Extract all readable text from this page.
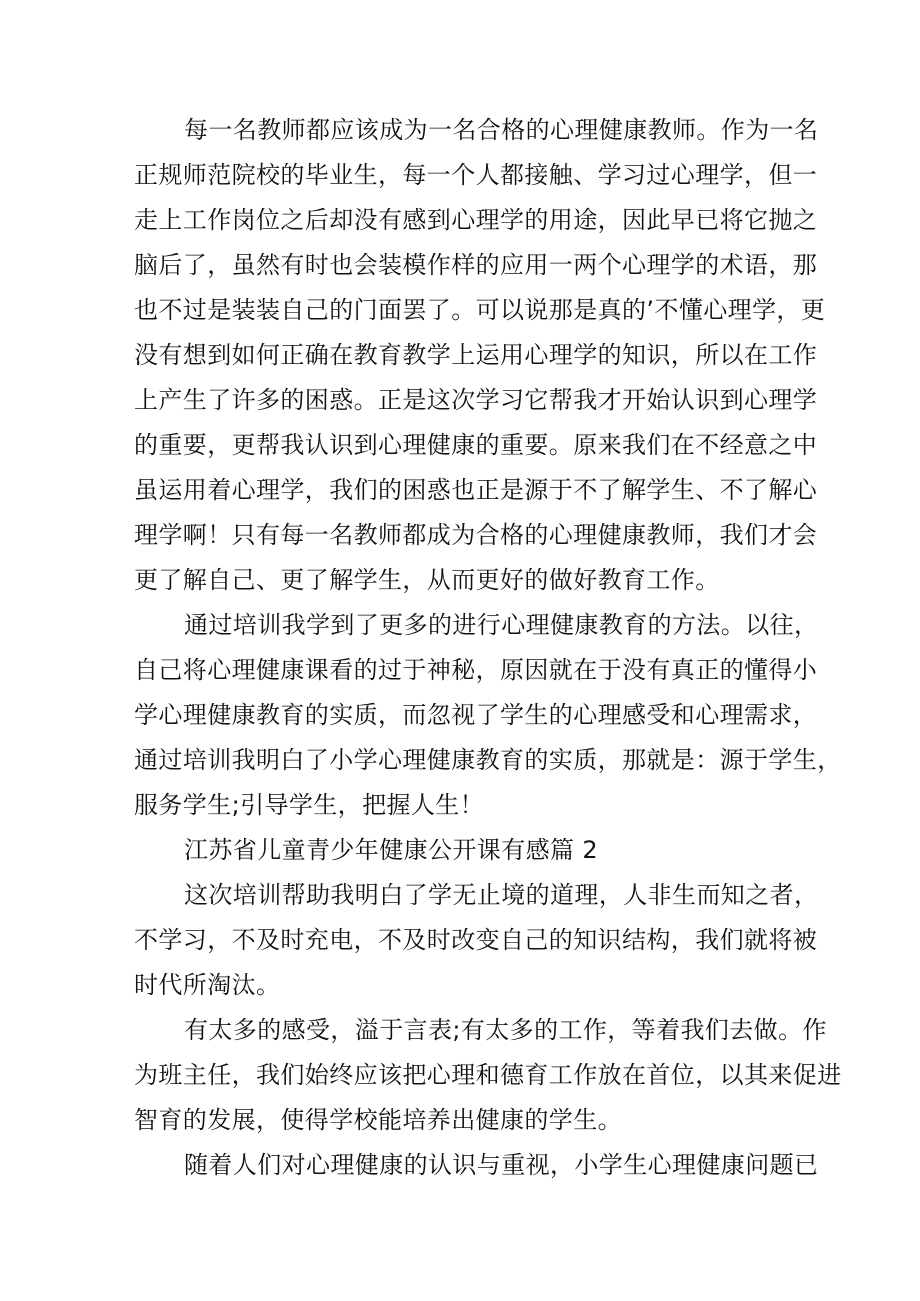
每一名教师都应该成为一名合格的心理健康教师。作为一名
正规师范院校的毕业生，每一个人都接触、学习过心理学，但一
走上工作岗位之后却没有感到心理学的用途，因此早已将它抛之
脑后了，虽然有时也会装模作样的应用一两个心理学的术语，那
也不过是装装自己的门面罢了。可以说那是真的’不懂心理学，更
没有想到如何正确在教育教学上运用心理学的知识，所以在工作
上产生了许多的困惑。正是这次学习它帮我才开始认识到心理学
的重要，更帮我认识到心理健康的重要。原来我们在不经意之中
虽运用着心理学，我们的困惑也正是源于不了解学生、不了解心
理学啊！只有每一名教师都成为合格的心理健康教师，我们才会
更了解自己、更了解学生，从而更好的做好教育工作。
通过培训我学到了更多的进行心理健康教育的方法。以往，
自己将心理健康课看的过于神秘，原因就在于没有真正的懂得小
学心理健康教育的实质，而忽视了学生的心理感受和心理需求，
通过培训我明白了小学心理健康教育的实质，那就是：源于学生，
服务学生;引导学生，把握人生！
江苏省儿童青少年健康公开课有感篇 2
这次培训帮助我明白了学无止境的道理，人非生而知之者，
不学习，不及时充电，不及时改变自己的知识结构，我们就将被
时代所淘汰。
有太多的感受，溢于言表;有太多的工作，等着我们去做。作
为班主任，我们始终应该把心理和德育工作放在首位，以其来促进
智育的发展，使得学校能培养出健康的学生。
随着人们对心理健康的认识与重视，小学生心理健康问题已
